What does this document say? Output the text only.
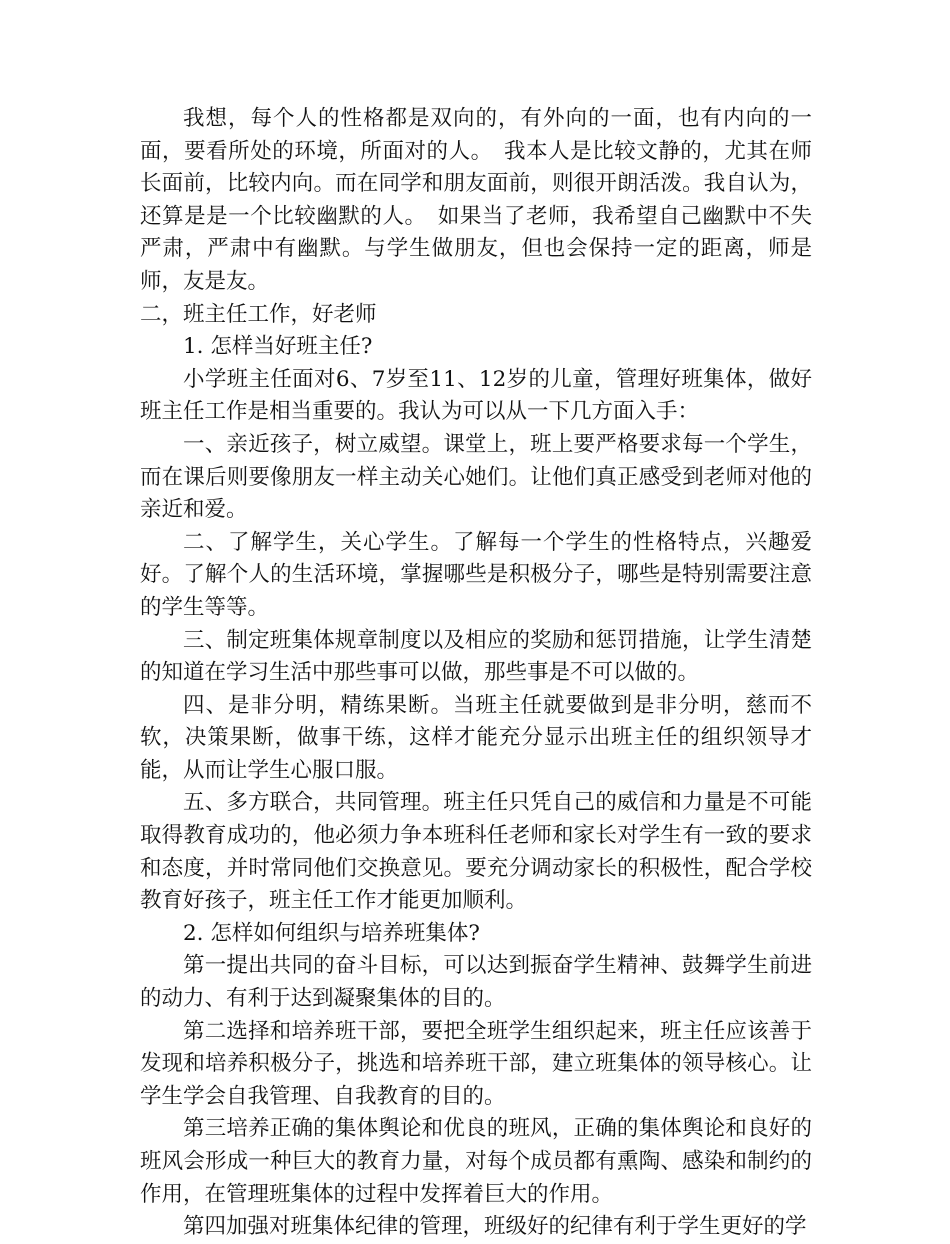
我想，每个人的性格都是双向的，有外向的一面，也有内向的一面，要看所处的环境，所面对的人。　我本人是比较文静的，尤其在师长面前，比较内向。而在同学和朋友面前，则很开朗活泼。我自认为，还算是是一个比较幽默的人。　如果当了老师，我希望自己幽默中不失严肃，严肃中有幽默。与学生做朋友，但也会保持一定的距离，师是师，友是友。

二，班主任工作，好老师

1. 怎样当好班主任?

小学班主任面对6、7岁至11、12岁的儿童，管理好班集体，做好班主任工作是相当重要的。我认为可以从一下几方面入手：

一、亲近孩子，树立威望。课堂上，班上要严格要求每一个学生，而在课后则要像朋友一样主动关心她们。让他们真正感受到老师对他的亲近和爱。

二、了解学生，关心学生。了解每一个学生的性格特点，兴趣爱好。了解个人的生活环境，掌握哪些是积极分子，哪些是特别需要注意的学生等等。

三、制定班集体规章制度以及相应的奖励和惩罚措施，让学生清楚的知道在学习生活中那些事可以做，那些事是不可以做的。

四、是非分明，精练果断。当班主任就要做到是非分明，慈而不软，决策果断，做事干练，这样才能充分显示出班主任的组织领导才能，从而让学生心服口服。

五、多方联合，共同管理。班主任只凭自己的威信和力量是不可能取得教育成功的，他必须力争本班科任老师和家长对学生有一致的要求和态度，并时常同他们交换意见。要充分调动家长的积极性，配合学校教育好孩子，班主任工作才能更加顺利。

2. 怎样如何组织与培养班集体?

第一提出共同的奋斗目标，可以达到振奋学生精神、鼓舞学生前进的动力、有利于达到凝聚集体的目的。

第二选择和培养班干部，要把全班学生组织起来，班主任应该善于发现和培养积极分子，挑选和培养班干部，建立班集体的领导核心。让学生学会自我管理、自我教育的目的。

第三培养正确的集体舆论和优良的班风，正确的集体舆论和良好的班风会形成一种巨大的教育力量，对每个成员都有熏陶、感染和制约的作用，在管理班集体的过程中发挥着巨大的作用。

第四加强对班集体纪律的管理，班级好的纪律有利于学生更好的学
